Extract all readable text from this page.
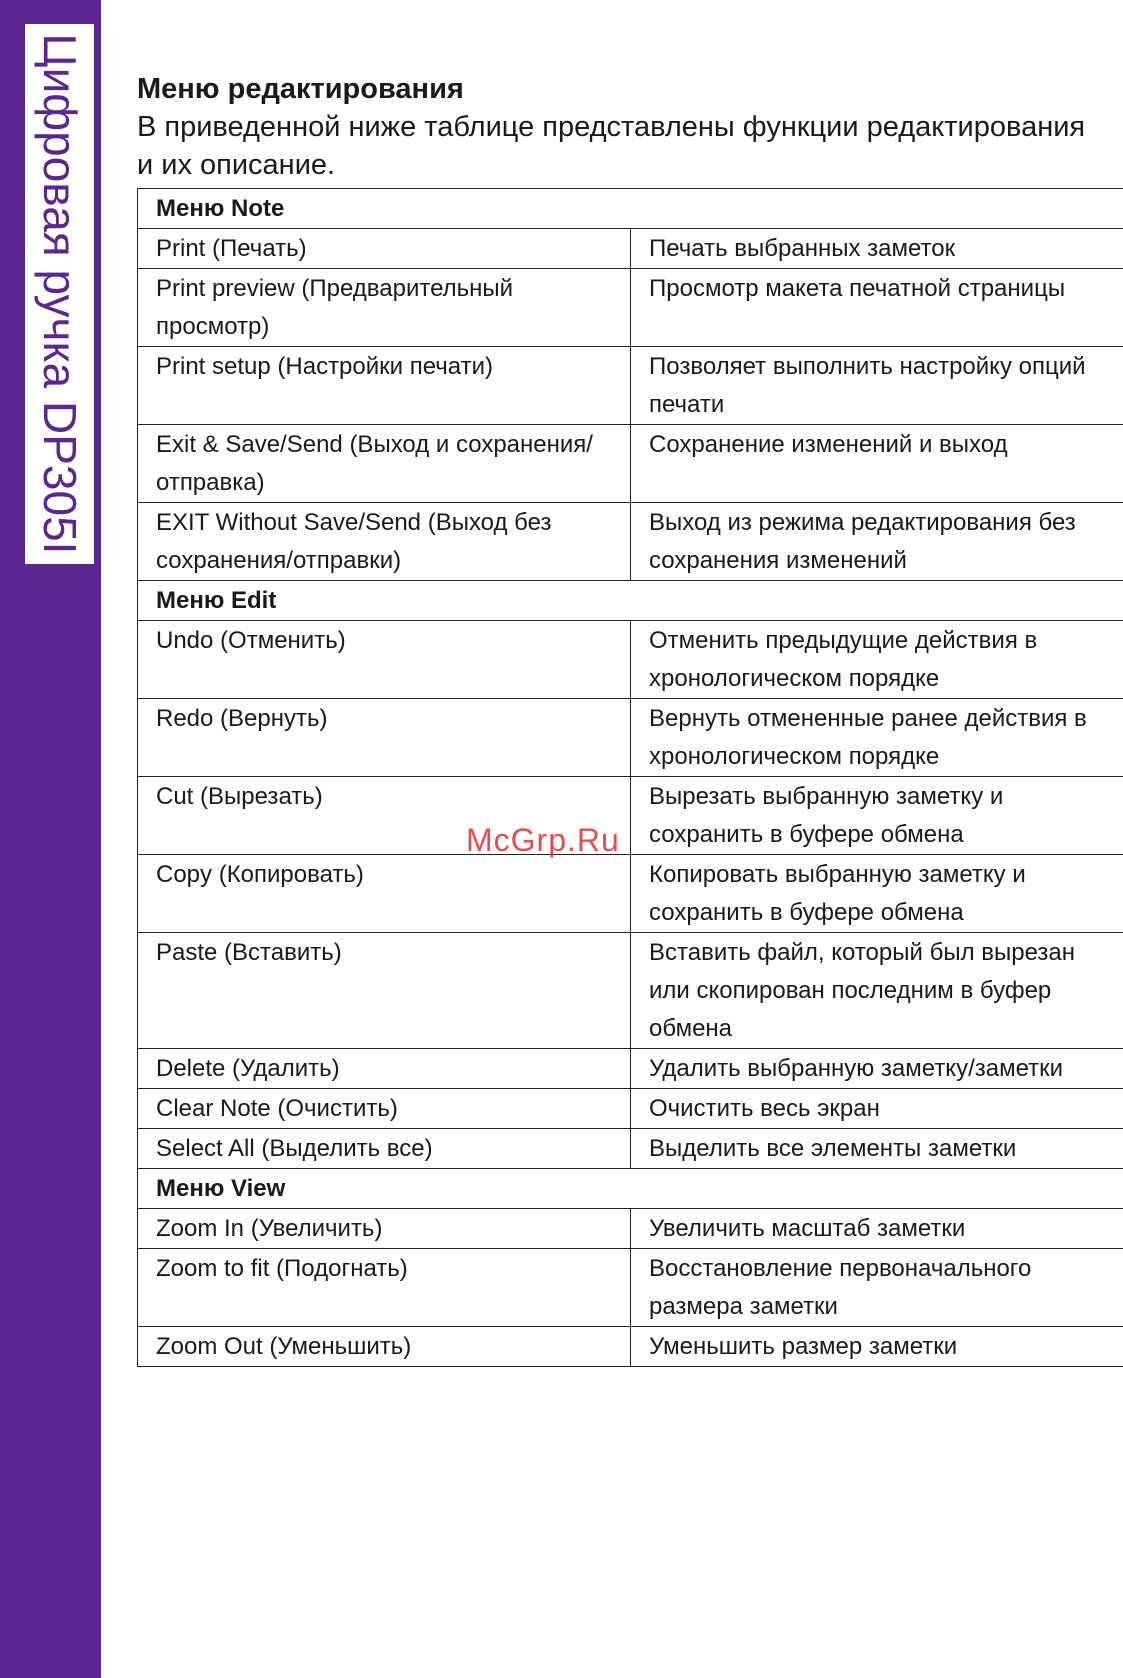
Цифровая ручка DP305I Меню редактирования

В приведенной ниже таблице представлены функции редактирования и их описание.

Меню Note	
Print (Печать)	Печать выбранных заметок
Print preview (Предварительный просмотр)	Просмотр макета печатной страницы
Print setup (Настройки печати)	Позволяет выполнить настройку опций печати
Exit & Save/Send (Выход и сохранения/отправка)	Сохранение изменений и выход
EXIT Without Save/Send (Выход без сохранения/отправки)	Выход из режима редактирования без сохранения изменений
Меню Edit	
Undo (Отменить)	Отменить предыдущие действия в хронологическом порядке
Redo (Вернуть)	Вернуть отмененные ранее действия в хронологическом порядке
Cut (Вырезать)	Вырезать выбранную заметку и сохранить в буфере обмена
Copy (Копировать)	Копировать выбранную заметку и сохранить в буфере обмена
Paste (Вставить)	Вставить файл, который был вырезан или скопирован последним в буфер обмена
Delete (Удалить)	Удалить выбранную заметку/заметки
Clear Note (Очистить)	Очистить весь экран
Select All (Выделить все)	Выделить все элементы заметки
Меню View	
Zoom In (Увеличить)	Увеличить масштаб заметки
Zoom to fit (Подогнать)	Восстановление первоначального размера заметки
Zoom Out (Уменьшить)	Уменьшить размер заметки
McGrp.Ru
